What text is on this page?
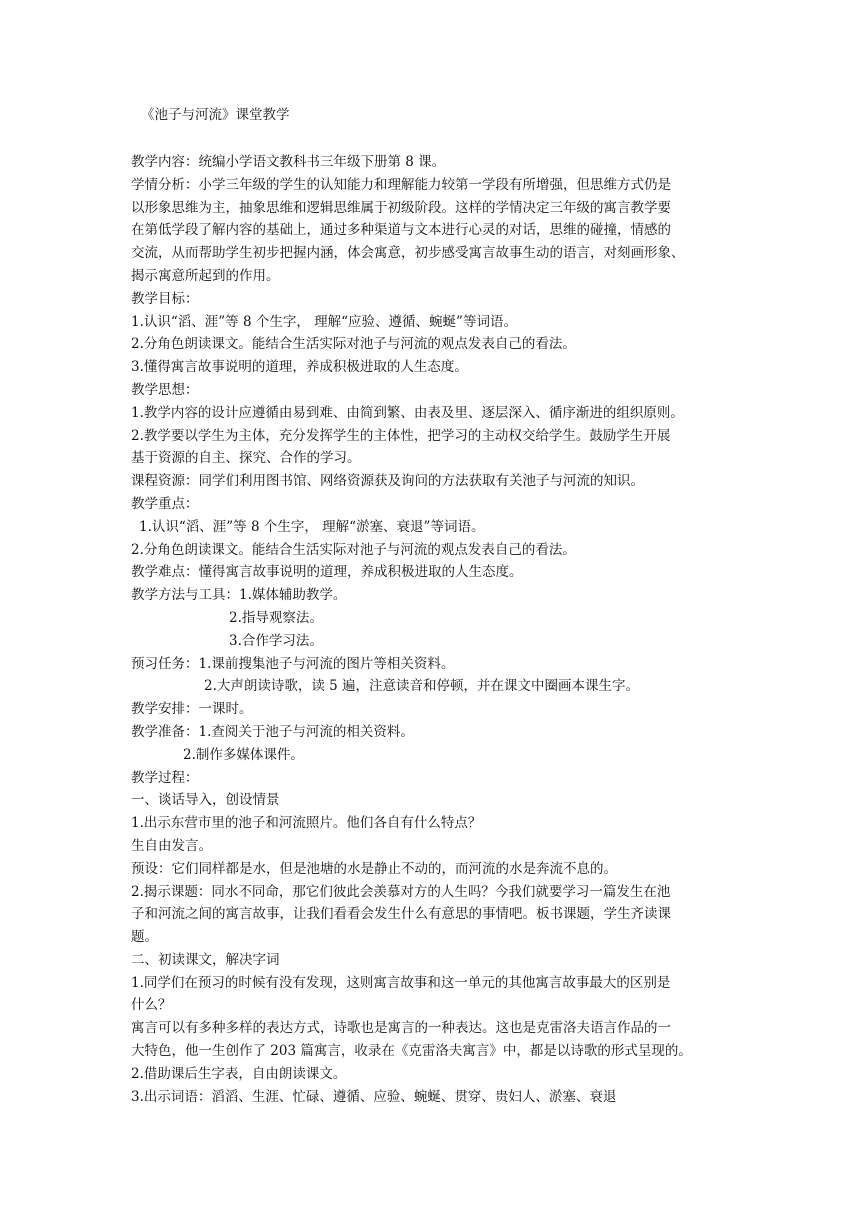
《池子与河流》课堂教学
教学内容：统编小学语文教科书三年级下册第 8 课。
学情分析：小学三年级的学生的认知能力和理解能力较第一学段有所增强，但思维方式仍是
以形象思维为主，抽象思维和逻辑思维属于初级阶段。这样的学情决定三年级的寓言教学要
在第低学段了解内容的基础上，通过多种渠道与文本进行心灵的对话，思维的碰撞，情感的
交流，从而帮助学生初步把握内涵，体会寓意，初步感受寓言故事生动的语言，对刻画形象、
揭示寓意所起到的作用。
教学目标：
1.认识“滔、涯”等 8 个生字， 理解“应验、遵循、蜿蜒”等词语。
2.分角色朗读课文。能结合生活实际对池子与河流的观点发表自己的看法。
3.懂得寓言故事说明的道理，养成积极进取的人生态度。
教学思想：
1.教学内容的设计应遵循由易到难、由简到繁、由表及里、逐层深入、循序渐进的组织原则。
2.教学要以学生为主体，充分发挥学生的主体性，把学习的主动权交给学生。鼓励学生开展
基于资源的自主、探究、合作的学习。
课程资源：同学们利用图书馆、网络资源获及询问的方法获取有关池子与河流的知识。
教学重点：
1.认识“滔、涯”等 8 个生字， 理解“淤塞、衰退”等词语。
2.分角色朗读课文。能结合生活实际对池子与河流的观点发表自己的看法。
教学难点：懂得寓言故事说明的道理，养成积极进取的人生态度。
教学方法与工具：1.媒体辅助教学。
2.指导观察法。
3.合作学习法。
预习任务：1.课前搜集池子与河流的图片等相关资料。
2.大声朗读诗歌，读 5 遍，注意读音和停顿，并在课文中圈画本课生字。
教学安排：一课时。
教学准备：1.查阅关于池子与河流的相关资料。
2.制作多媒体课件。
教学过程：
一、谈话导入，创设情景
1.出示东营市里的池子和河流照片。他们各自有什么特点？
生自由发言。
预设：它们同样都是水，但是池塘的水是静止不动的，而河流的水是奔流不息的。
2.揭示课题：同水不同命，那它们彼此会羡慕对方的人生吗？今我们就要学习一篇发生在池
子和河流之间的寓言故事，让我们看看会发生什么有意思的事情吧。板书课题，学生齐读课
题。
二、初读课文，解决字词
1.同学们在预习的时候有没有发现，这则寓言故事和这一单元的其他寓言故事最大的区别是
什么？
寓言可以有多种多样的表达方式，诗歌也是寓言的一种表达。这也是克雷洛夫语言作品的一
大特色，他一生创作了 203 篇寓言，收录在《克雷洛夫寓言》中，都是以诗歌的形式呈现的。
2.借助课后生字表，自由朗读课文。
3.出示词语：滔滔、生涯、忙碌、遵循、应验、蜿蜒、贯穿、贵妇人、淤塞、衰退
